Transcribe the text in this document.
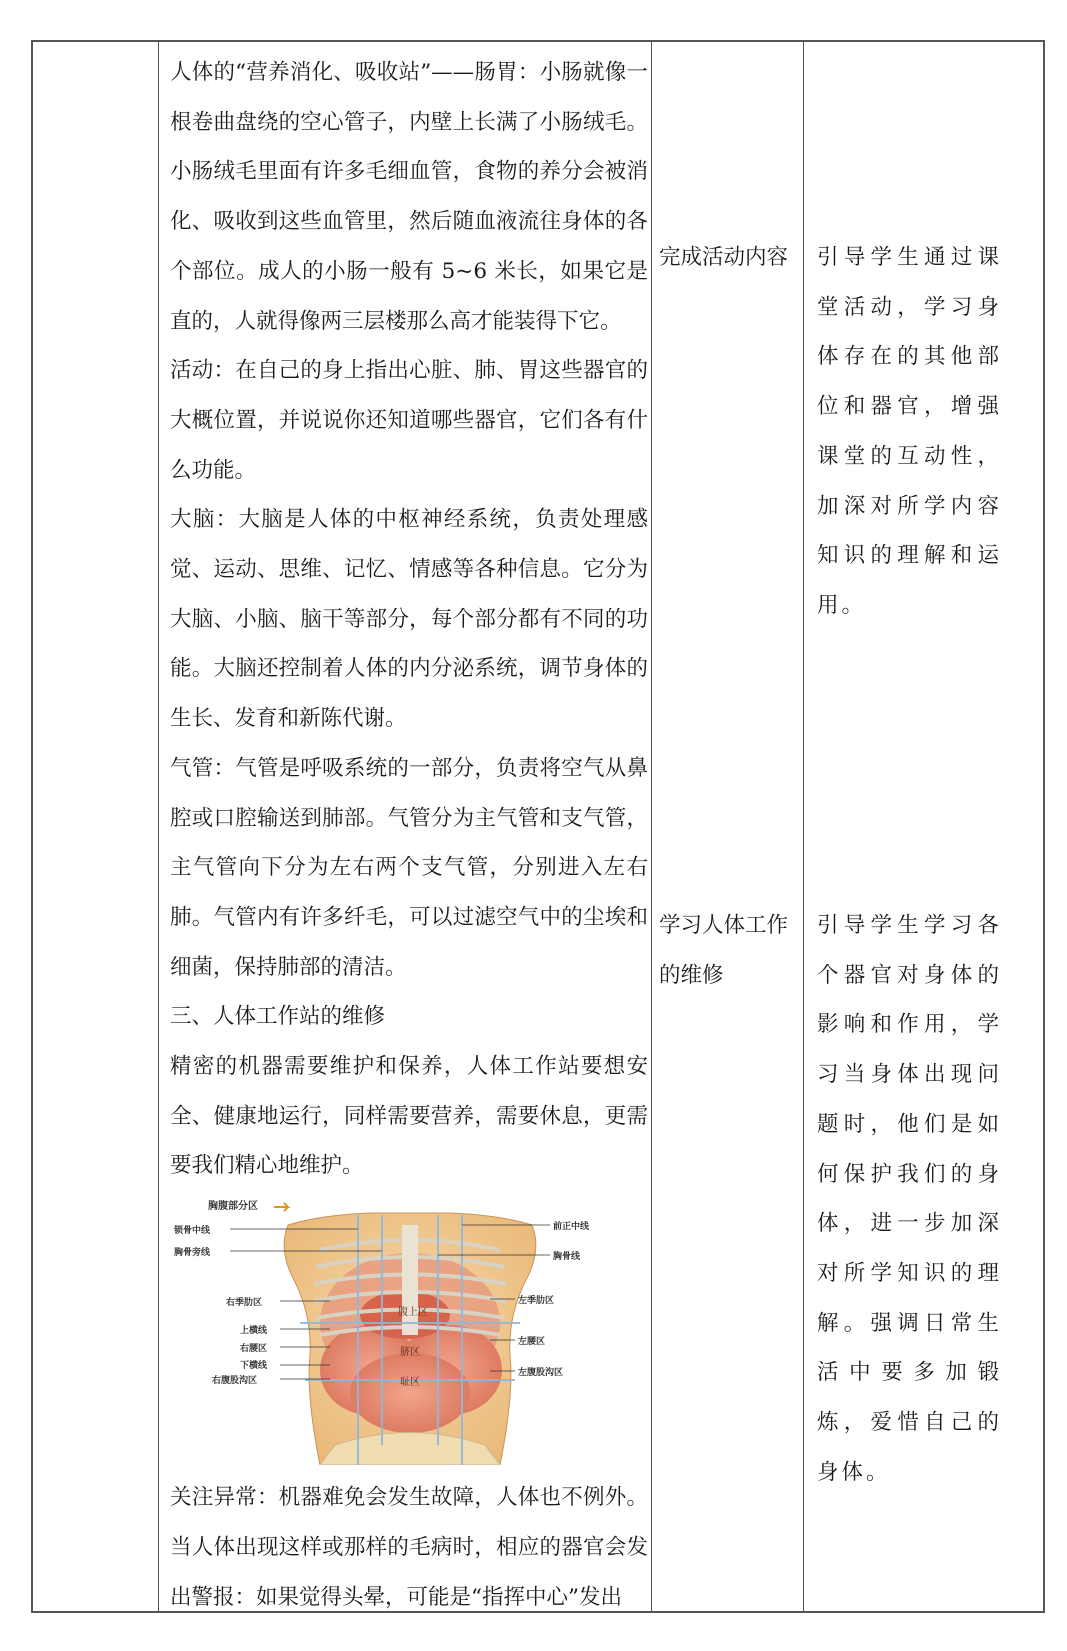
人体的“营养消化、吸收站”——肠胃：小肠就像一根卷曲盘绕的空心管子，内壁上长满了小肠绒毛。小肠绒毛里面有许多毛细血管，食物的养分会被消化、吸收到这些血管里，然后随血液流往身体的各个部位。成人的小肠一般有 5~6 米长，如果它是直的，人就得像两三层楼那么高才能装得下它。

活动：在自己的身上指出心脏、肺、胃这些器官的大概位置，并说说你还知道哪些器官，它们各有什么功能。

大脑：大脑是人体的中枢神经系统，负责处理感觉、运动、思维、记忆、情感等各种信息。它分为大脑、小脑、脑干等部分，每个部分都有不同的功能。大脑还控制着人体的内分泌系统，调节身体的生长、发育和新陈代谢。

气管：气管是呼吸系统的一部分，负责将空气从鼻腔或口腔输送到肺部。气管分为主气管和支气管，主气管向下分为左右两个支气管，分别进入左右肺。气管内有许多纤毛，可以过滤空气中的尘埃和细菌，保持肺部的清洁。

三、人体工作站的维修

精密的机器需要维护和保养，人体工作站要想安全、健康地运行，同样需要营养，需要休息，更需要我们精心地维护。

胸腹部分区
锁骨中线
胸骨旁线
右季肋区
上横线
右腰区
下横线
右腹股沟区
前正中线
胸骨线
左季肋区
左腰区
左腹股沟区
腹上区
脐区
耻区

关注异常：机器难免会发生故障，人体也不例外。当人体出现这样或那样的毛病时，相应的器官会发出警报：如果觉得头晕，可能是“指挥中心”发出

完成活动内容
学习人体工作的维修
引导学生通过课堂活动，学习身体存在的其他部位和器官，增强课堂的互动性，加深对所学内容知识的理解和运用。
引导学生学习各个器官对身体的影响和作用，学习当身体出现问题时，他们是如何保护我们的身体，进一步加深对所学知识的理解。强调日常生活中要多加锻炼，爱惜自己的身体。
